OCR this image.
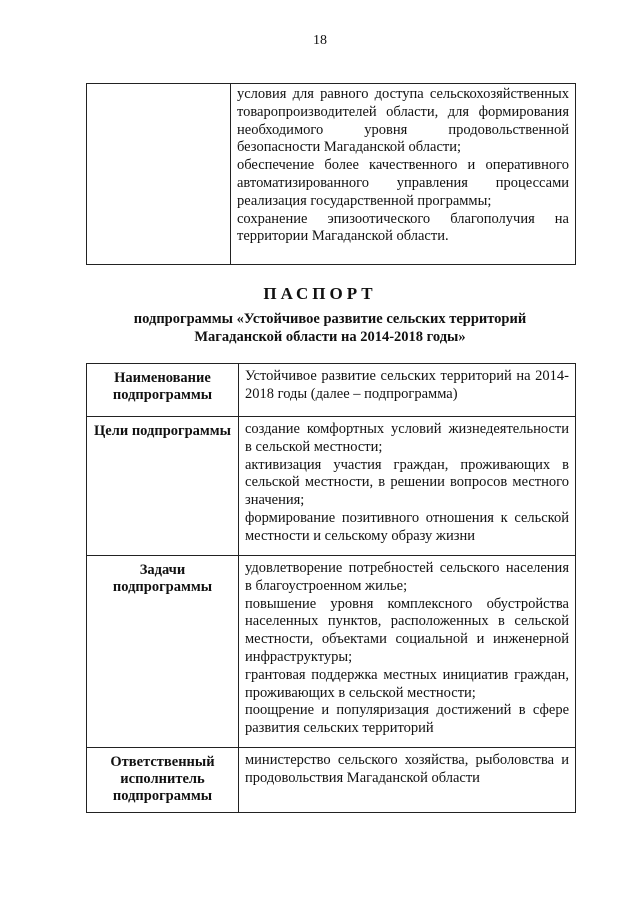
18

условия для равного доступа сельскохозяйственных товаропроизводителей области, для формирования необходимого уровня продовольственной безопасности Магаданской области;

обеспечение более качественного и оперативного автоматизированного управления процессами реализация государственной программы;

сохранение эпизоотического благополучия на территории Магаданской области.

ПАСПОРТ
подпрограммы «Устойчивое развитие сельских территорий Магаданской области на 2014-2018 годы»
Наименование подпрограммы	Устойчивое развитие сельских территорий на 2014-2018 годы (далее – подпрограмма)

Цели подпрограммы	создание комфортных условий жизнедеятельности в сельской местности;

активизация участия граждан, проживающих в сельской местности, в решении вопросов местного значения;

формирование позитивного отношения к сельской местности и сельскому образу жизни

Задачи подпрограммы	удовлетворение потребностей сельского населения в благоустроенном жилье;

повышение уровня комплексного обустройства населенных пунктов, расположенных в сельской местности, объектами социальной и инженерной инфраструктуры;

грантовая поддержка местных инициатив граждан, проживающих в сельской местности;

поощрение и популяризация достижений в сфере развития сельских территорий

Ответственный исполнитель подпрограммы	министерство сельского хозяйства, рыболовства и продовольствия Магаданской области
